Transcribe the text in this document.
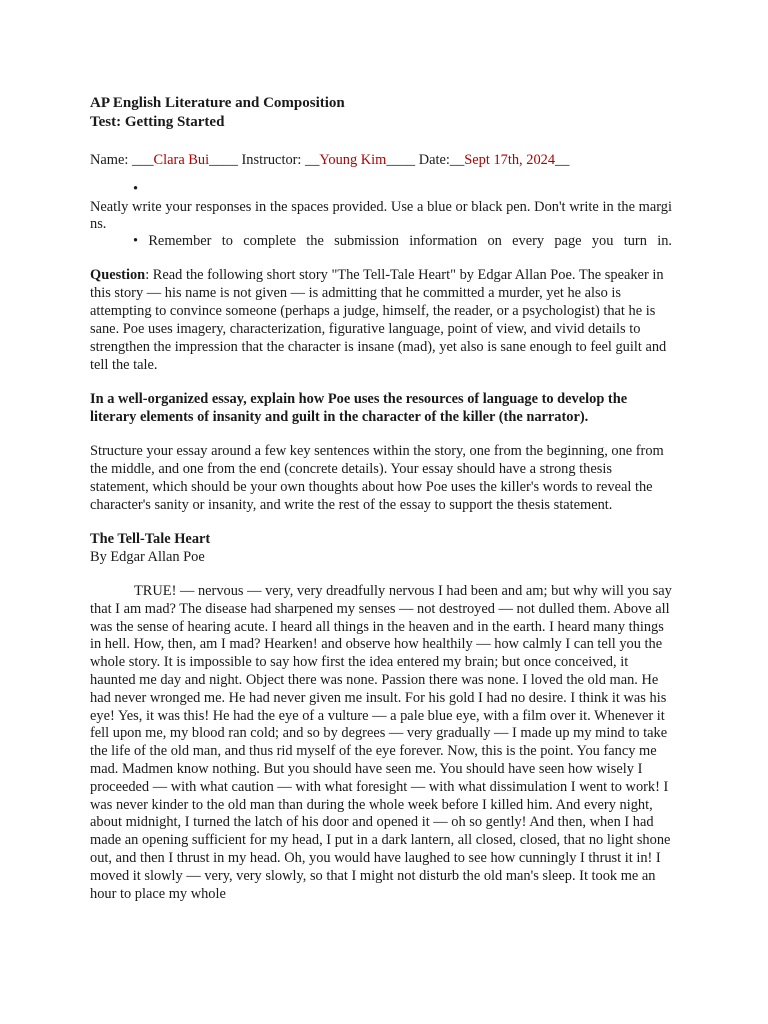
AP English Literature and Composition
Test: Getting Started
Name: ___Clara Bui____ Instructor: __Young Kim____ Date:__Sept 17th, 2024__
•
Neatly write your responses in the spaces provided. Use a blue or black pen. Don't write in the margins.
• Remember to complete the submission information on every page you turn in.
Question: Read the following short story "The Tell-Tale Heart" by Edgar Allan Poe. The speaker in this story — his name is not given — is admitting that he committed a murder, yet he also is attempting to convince someone (perhaps a judge, himself, the reader, or a psychologist) that he is sane. Poe uses imagery, characterization, figurative language, point of view, and vivid details to strengthen the impression that the character is insane (mad), yet also is sane enough to feel guilt and tell the tale.
In a well-organized essay, explain how Poe uses the resources of language to develop the literary elements of insanity and guilt in the character of the killer (the narrator).
Structure your essay around a few key sentences within the story, one from the beginning, one from the middle, and one from the end (concrete details). Your essay should have a strong thesis statement, which should be your own thoughts about how Poe uses the killer's words to reveal the character's sanity or insanity, and write the rest of the essay to support the thesis statement.
The Tell-Tale Heart
By Edgar Allan Poe
TRUE! — nervous — very, very dreadfully nervous I had been and am; but why will you say that I am mad? The disease had sharpened my senses — not destroyed — not dulled them. Above all was the sense of hearing acute. I heard all things in the heaven and in the earth. I heard many things in hell. How, then, am I mad? Hearken! and observe how healthily — how calmly I can tell you the whole story. It is impossible to say how first the idea entered my brain; but once conceived, it haunted me day and night. Object there was none. Passion there was none. I loved the old man. He had never wronged me. He had never given me insult. For his gold I had no desire. I think it was his eye! Yes, it was this! He had the eye of a vulture — a pale blue eye, with a film over it. Whenever it fell upon me, my blood ran cold; and so by degrees — very gradually — I made up my mind to take the life of the old man, and thus rid myself of the eye forever. Now, this is the point. You fancy me mad. Madmen know nothing. But you should have seen me. You should have seen how wisely I proceeded — with what caution — with what foresight — with what dissimulation I went to work! I was never kinder to the old man than during the whole week before I killed him. And every night, about midnight, I turned the latch of his door and opened it — oh so gently! And then, when I had made an opening sufficient for my head, I put in a dark lantern, all closed, closed, that no light shone out, and then I thrust in my head. Oh, you would have laughed to see how cunningly I thrust it in! I moved it slowly — very, very slowly, so that I might not disturb the old man's sleep. It took me an hour to place my whole
